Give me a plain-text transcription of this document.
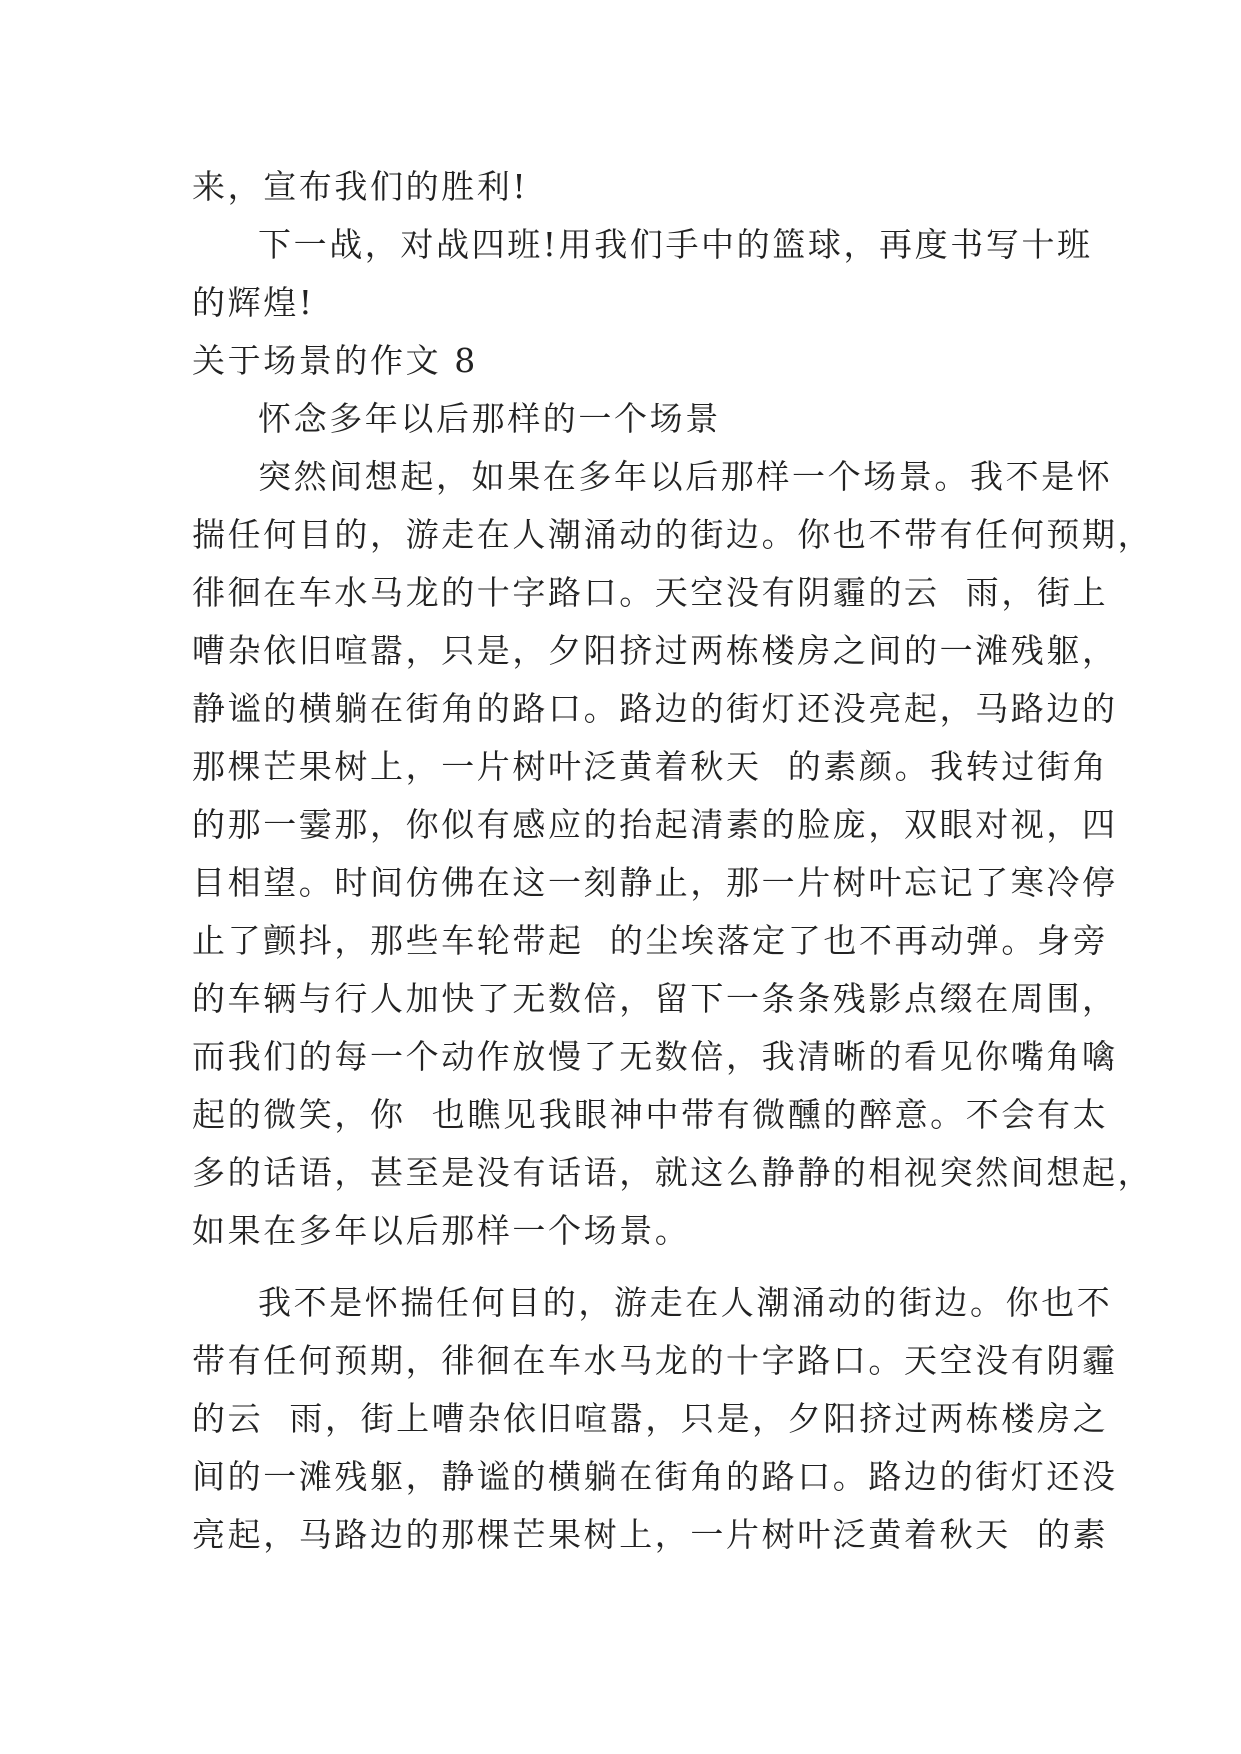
来，宣布我们的胜利!
下一战，对战四班!用我们手中的篮球，再度书写十班
的辉煌!
关于场景的作文 8
怀念多年以后那样的一个场景
突然间想起，如果在多年以后那样一个场景。我不是怀
揣任何目的，游走在人潮涌动的街边。你也不带有任何预期，
徘徊在车水马龙的十字路口。天空没有阴霾的云  雨，街上
嘈杂依旧喧嚣，只是，夕阳挤过两栋楼房之间的一滩残躯，
静谧的横躺在街角的路口。路边的街灯还没亮起，马路边的
那棵芒果树上，一片树叶泛黄着秋天  的素颜。我转过街角
的那一霎那，你似有感应的抬起清素的脸庞，双眼对视，四
目相望。时间仿佛在这一刻静止，那一片树叶忘记了寒冷停
止了颤抖，那些车轮带起  的尘埃落定了也不再动弹。身旁
的车辆与行人加快了无数倍，留下一条条残影点缀在周围，
而我们的每一个动作放慢了无数倍，我清晰的看见你嘴角噙
起的微笑，你  也瞧见我眼神中带有微醺的醉意。不会有太
多的话语，甚至是没有话语，就这么静静的相视突然间想起，
如果在多年以后那样一个场景。
我不是怀揣任何目的，游走在人潮涌动的街边。你也不
带有任何预期，徘徊在车水马龙的十字路口。天空没有阴霾
的云  雨，街上嘈杂依旧喧嚣，只是，夕阳挤过两栋楼房之
间的一滩残躯，静谧的横躺在街角的路口。路边的街灯还没
亮起，马路边的那棵芒果树上，一片树叶泛黄着秋天  的素
